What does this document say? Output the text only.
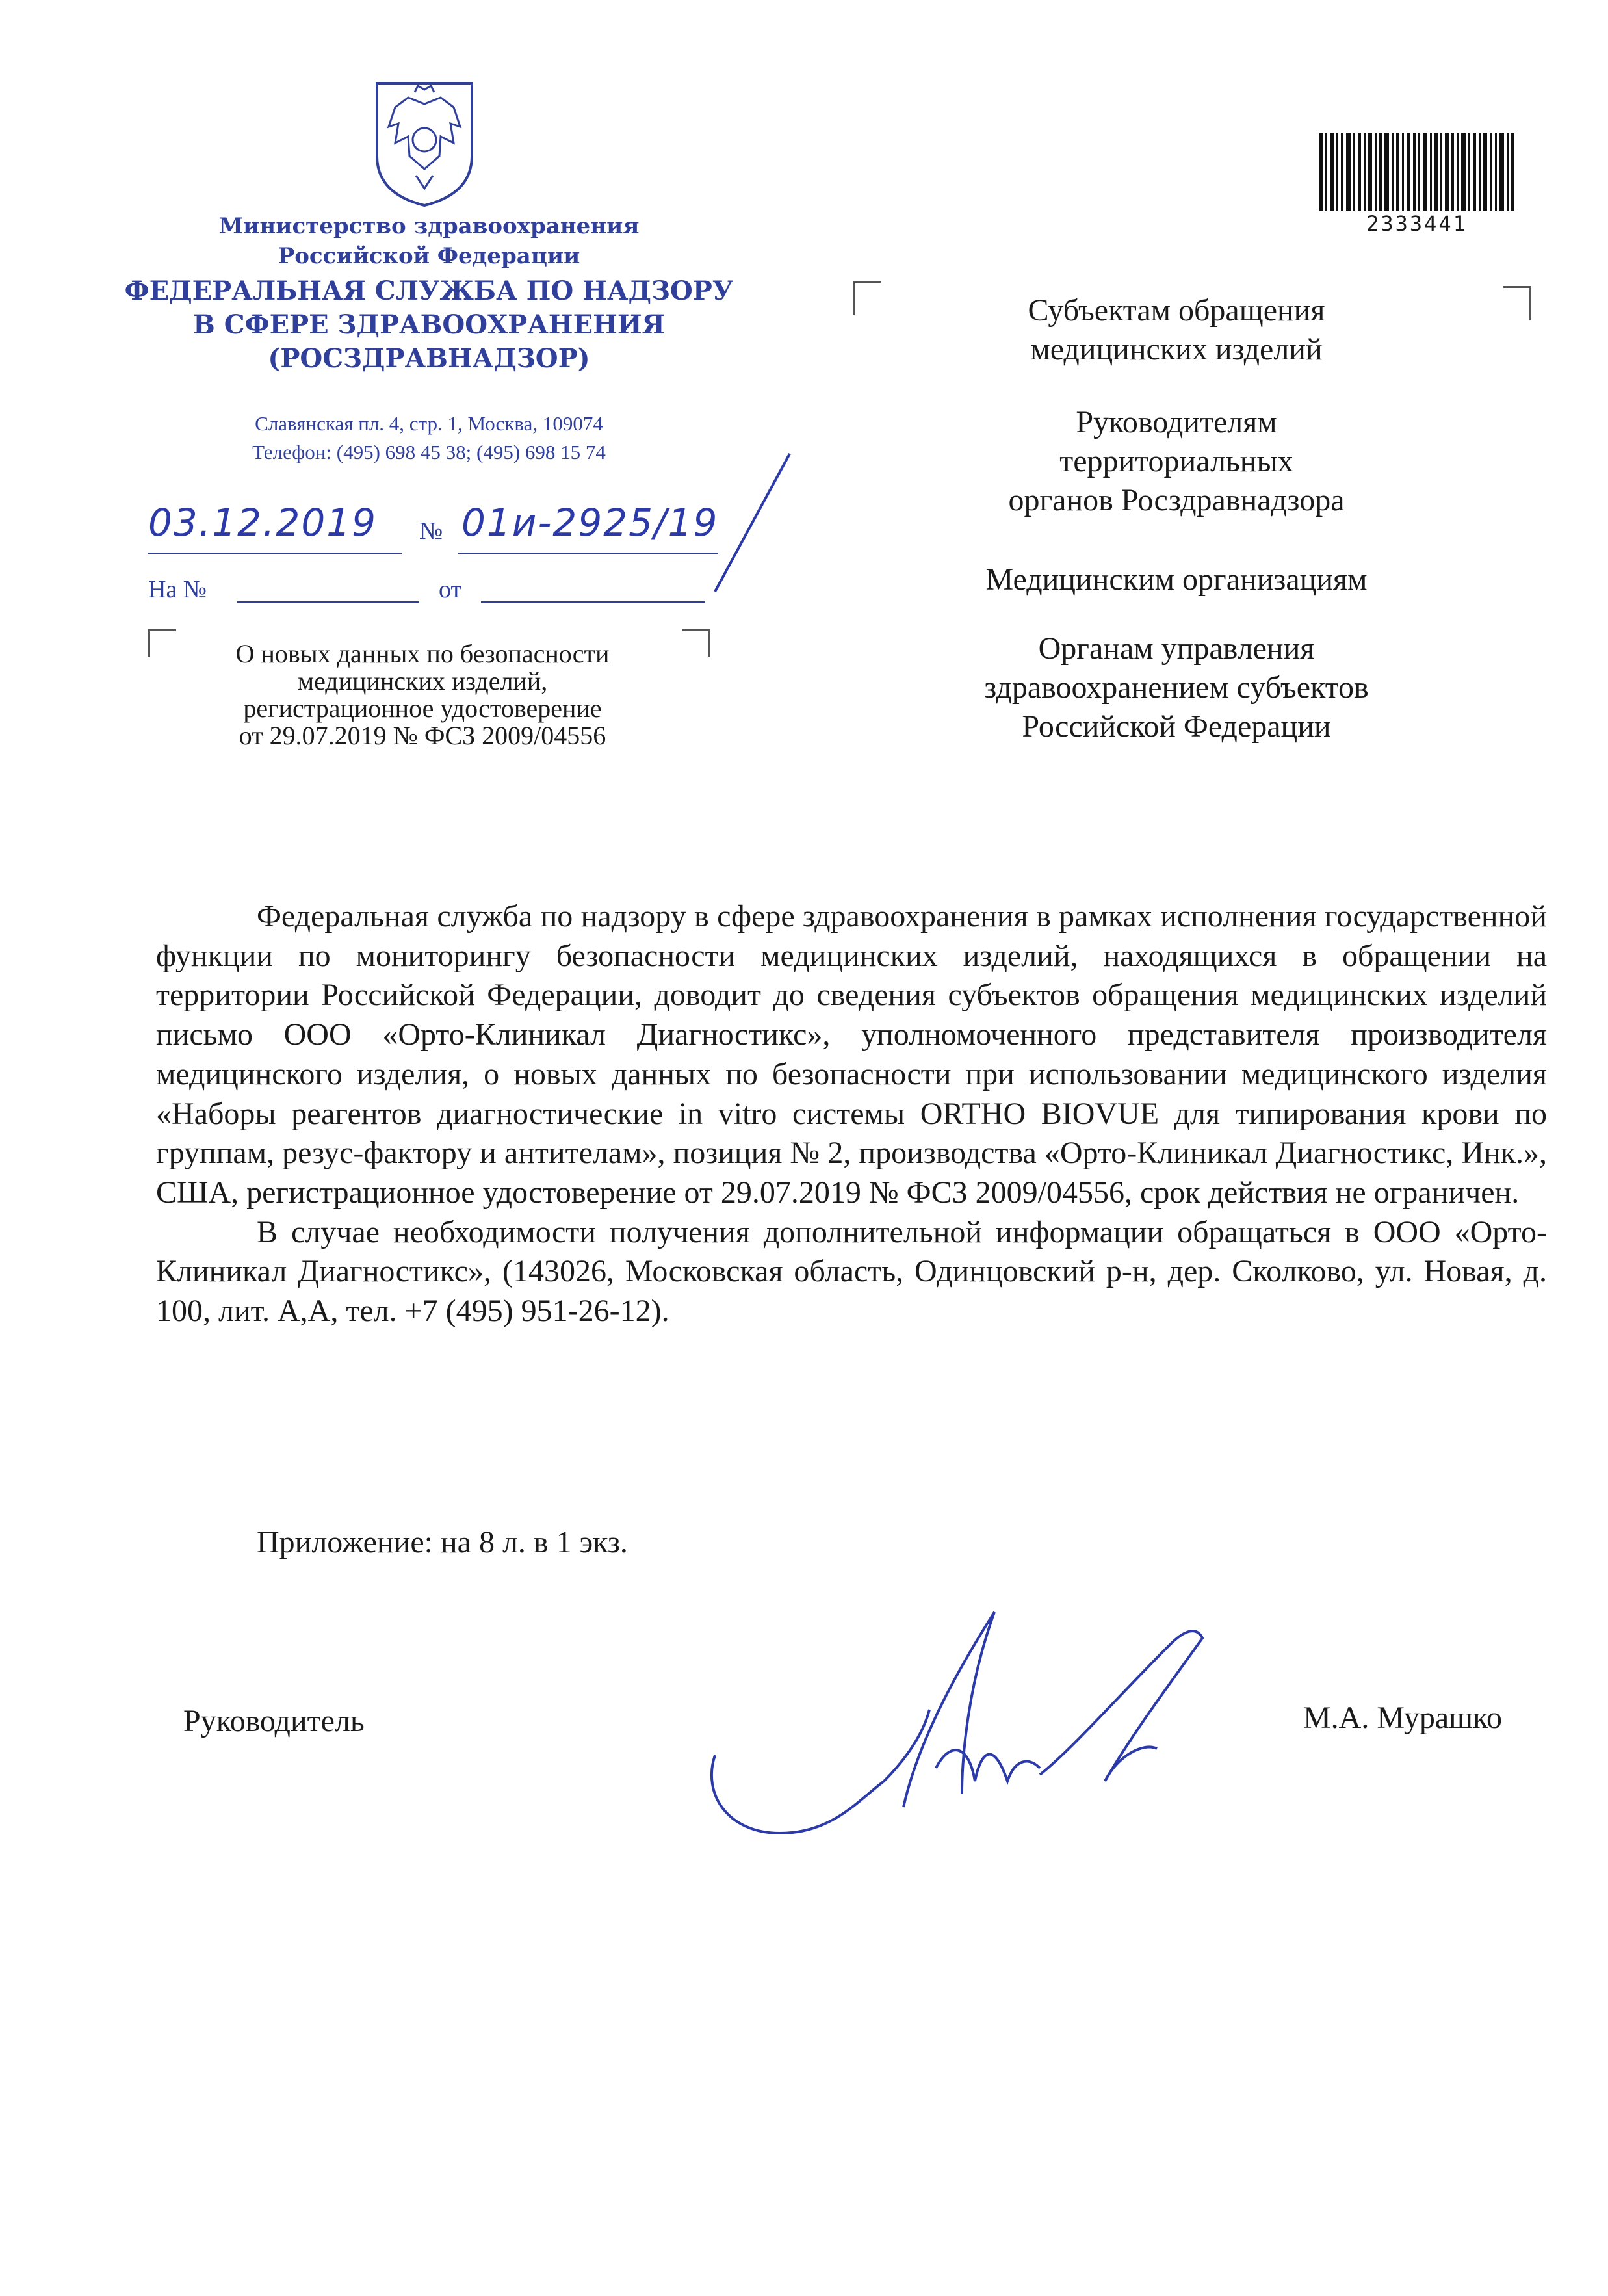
Министерство здравоохранения
Российской Федерации
ФЕДЕРАЛЬНАЯ СЛУЖБА ПО НАДЗОРУ
В СФЕРЕ ЗДРАВООХРАНЕНИЯ
(РОСЗДРАВНАДЗОР)
Славянская пл. 4, стр. 1, Москва, 109074
Телефон: (495) 698 45 38; (495) 698 15 74
03.12.2019	№ 01и-2925/19
На №	от
О новых данных по безопасности
медицинских изделий,
регистрационное удостоверение
от 29.07.2019 № ФСЗ 2009/04556
2333441
Субъектам обращения
медицинских изделий
Руководителям
территориальных
органов Росздравнадзора
Медицинским организациям
Органам управления
здравоохранением субъектов
Российской Федерации

Федеральная служба по надзору в сфере здравоохранения в рамках исполнения государственной функции по мониторингу безопасности медицинских изделий, находящихся в обращении на территории Российской Федерации, доводит до сведения субъектов обращения медицинских изделий письмо ООО «Орто-Клиникал Диагностикс», уполномоченного представителя производителя медицинского изделия, о новых данных по безопасности при использовании медицинского изделия «Наборы реагентов диагностические in vitro системы ORTHO BIOVUE для типирования крови по группам, резус-фактору и антителам», позиция № 2, производства «Орто-Клиникал Диагностикс, Инк.», США, регистрационное удостоверение от 29.07.2019 № ФСЗ 2009/04556, срок действия не ограничен.

В случае необходимости получения дополнительной информации обращаться в ООО «Орто-Клиникал Диагностикс», (143026, Московская область, Одинцовский р-н, дер. Сколково, ул. Новая, д. 100, лит. А,А, тел. +7 (495) 951-26-12).

Приложение: на 8 л. в 1 экз.
Руководитель	М.А. Мурашко
